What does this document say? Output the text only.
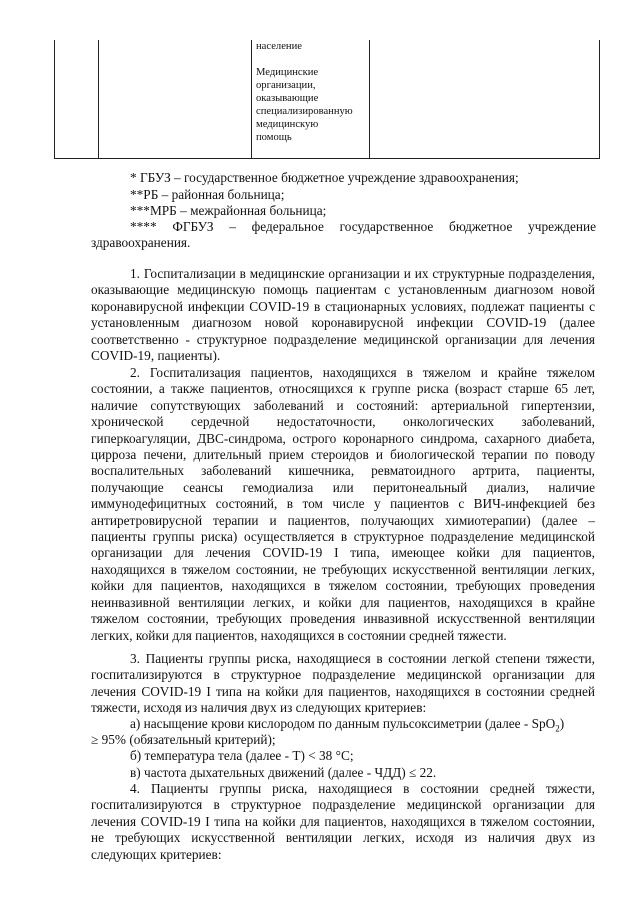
население

Медицинские

организации,

оказывающие

специализированную

медицинскую

помощь

* ГБУЗ – государственное бюджетное учреждение здравоохранения;
**РБ – районная больница;
***МРБ – межрайонная больница;
**** ФГБУЗ – федеральное государственное бюджетное учреждение
здравоохранения.

1. Госпитализации в медицинские организации и их структурные подразделения, оказывающие медицинскую помощь пациентам с установленным диагнозом новой коронавирусной инфекции COVID-19 в стационарных условиях, подлежат пациенты с установленным диагнозом новой коронавирусной инфекции COVID-19 (далее соответственно - структурное подразделение медицинской организации для лечения COVID-19, пациенты).

2. Госпитализация пациентов, находящихся в тяжелом и крайне тяжелом состоянии, а также пациентов, относящихся к группе риска (возраст старше 65 лет, наличие сопутствующих заболеваний и состояний: артериальной гипертензии, хронической сердечной недостаточности, онкологических заболеваний, гиперкоагуляции, ДВС-синдрома, острого коронарного синдрома, сахарного диабета, цирроза печени, длительный прием стероидов и биологической терапии по поводу воспалительных заболеваний кишечника, ревматоидного артрита, пациенты, получающие сеансы гемодиализа или перитонеальный диализ, наличие иммунодефицитных состояний, в том числе у пациентов с ВИЧ-инфекцией без антиретровирусной терапии и пациентов, получающих химиотерапии) (далее – пациенты группы риска) осуществляется в структурное подразделение медицинской организации для лечения COVID-19 I типа, имеющее койки для пациентов, находящихся в тяжелом состоянии, не требующих искусственной вентиляции легких, койки для пациентов, находящихся в тяжелом состоянии, требующих проведения неинвазивной вентиляции легких, и койки для пациентов, находящихся в крайне тяжелом состоянии, требующих проведения инвазивной искусственной вентиляции легких, койки для пациентов, находящихся в состоянии средней тяжести.

3. Пациенты группы риска, находящиеся в состоянии легкой степени тяжести, госпитализируются в структурное подразделение медицинской организации для лечения COVID-19 I типа на койки для пациентов, находящихся в состоянии средней тяжести, исходя из наличия двух из следующих критериев:

а) насыщение крови кислородом по данным пульсоксиметрии (далее - SpO$_2$)
≥ 95% (обязательный критерий);
б) температура тела (далее - Т) < 38 °С;
в) частота дыхательных движений (далее - ЧДД) ≤ 22.

4. Пациенты группы риска, находящиеся в состоянии средней тяжести, госпитализируются в структурное подразделение медицинской организации для лечения COVID-19 I типа на койки для пациентов, находящихся в тяжелом состоянии, не требующих искусственной вентиляции легких, исходя из наличия двух из следующих критериев:
